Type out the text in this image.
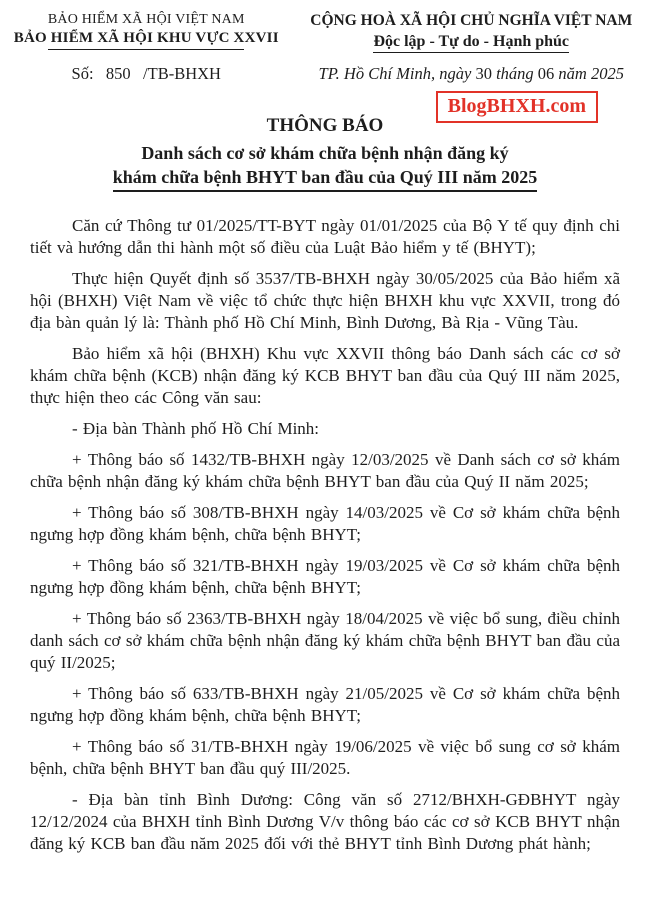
BẢO HIỂM XÃ HỘI VIỆT NAM
BẢO HIỂM XÃ HỘI KHU VỰC XXVII
CỘNG HOÀ XÃ HỘI CHỦ NGHĨA VIỆT NAM
Độc lập - Tự do - Hạnh phúc
Số:   850   /TB-BHXH	TP. Hồ Chí Minh, ngày 30 tháng 06 năm 2025
BlogBHXH.com
THÔNG BÁO
Danh sách cơ sở khám chữa bệnh nhận đăng ký
khám chữa bệnh BHYT ban đầu của Quý III năm 2025

Căn cứ Thông tư 01/2025/TT-BYT ngày 01/01/2025 của Bộ Y tế quy định chi tiết và hướng dẫn thi hành một số điều của Luật Bảo hiểm y tế (BHYT);

Thực hiện Quyết định số 3537/TB-BHXH ngày 30/05/2025 của Bảo hiểm xã hội (BHXH) Việt Nam về việc tổ chức thực hiện BHXH khu vực XXVII, trong đó địa bàn quản lý là: Thành phố Hồ Chí Minh, Bình Dương, Bà Rịa - Vũng Tàu.

Bảo hiểm xã hội (BHXH) Khu vực XXVII thông báo Danh sách các cơ sở khám chữa bệnh (KCB) nhận đăng ký KCB BHYT ban đầu của Quý III năm 2025, thực hiện theo các Công văn sau:

- Địa bàn Thành phố Hồ Chí Minh:

+ Thông báo số 1432/TB-BHXH ngày 12/03/2025 về Danh sách cơ sở khám chữa bệnh nhận đăng ký khám chữa bệnh BHYT ban đầu của Quý II năm 2025;

+ Thông báo số 308/TB-BHXH ngày 14/03/2025 về Cơ sở khám chữa bệnh ngưng hợp đồng khám bệnh, chữa bệnh BHYT;

+ Thông báo số 321/TB-BHXH ngày 19/03/2025 về Cơ sở khám chữa bệnh ngưng hợp đồng khám bệnh, chữa bệnh BHYT;

+ Thông báo số 2363/TB-BHXH ngày 18/04/2025 về việc bổ sung, điều chỉnh danh sách cơ sở khám chữa bệnh nhận đăng ký khám chữa bệnh BHYT ban đầu của quý II/2025;

+ Thông báo số 633/TB-BHXH ngày 21/05/2025 về Cơ sở khám chữa bệnh ngưng hợp đồng khám bệnh, chữa bệnh BHYT;

+ Thông báo số 31/TB-BHXH ngày 19/06/2025 về việc bổ sung cơ sở khám bệnh, chữa bệnh BHYT ban đầu quý III/2025.

- Địa bàn tỉnh Bình Dương: Công văn số 2712/BHXH-GĐBHYT ngày 12/12/2024 của BHXH tỉnh Bình Dương V/v thông báo các cơ sở KCB BHYT nhận đăng ký KCB ban đầu năm 2025 đối với thẻ BHYT tỉnh Bình Dương phát hành;
